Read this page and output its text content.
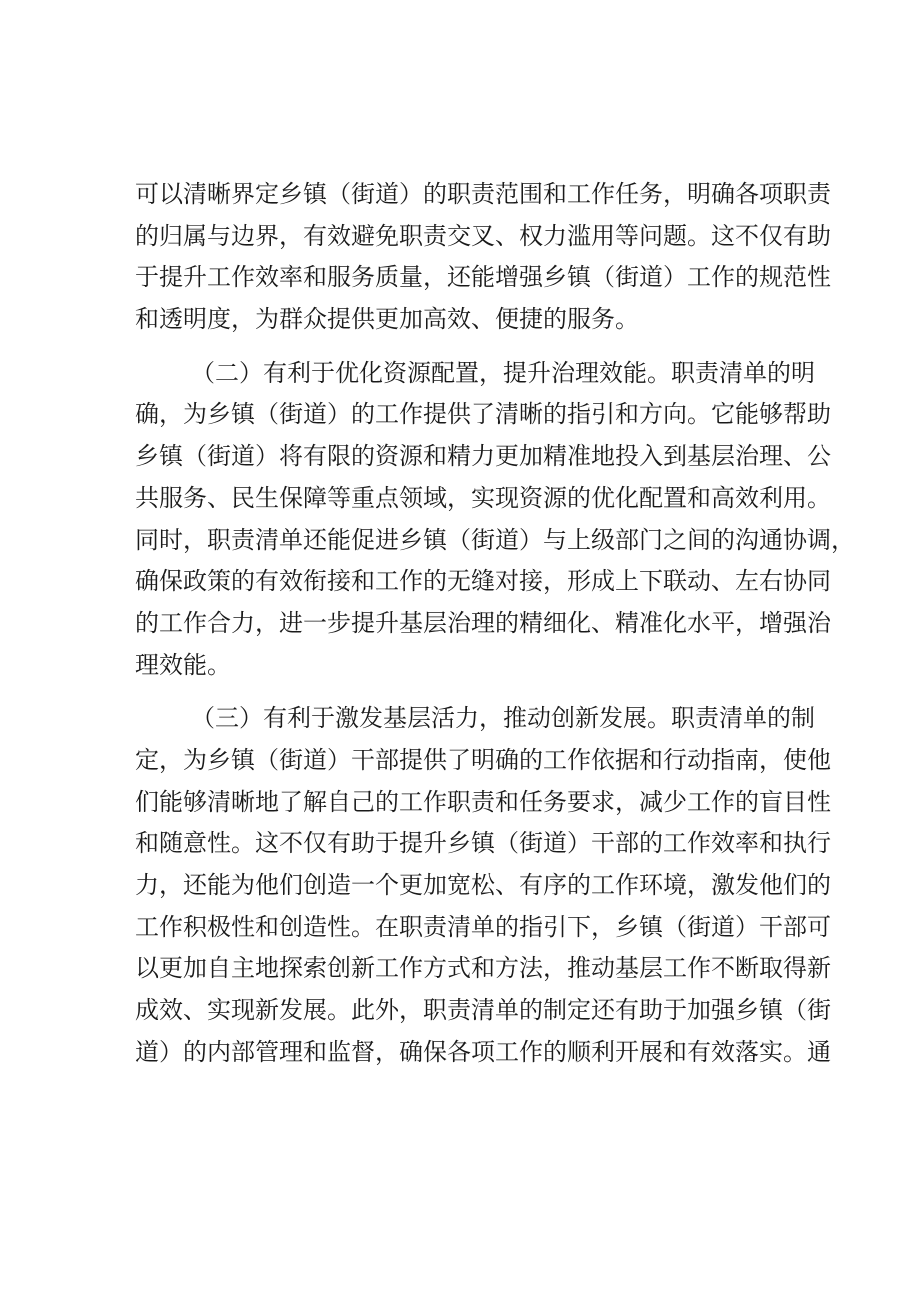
可以清晰界定乡镇（街道）的职责范围和工作任务，明确各项职责
的归属与边界，有效避免职责交叉、权力滥用等问题。这不仅有助
于提升工作效率和服务质量，还能增强乡镇（街道）工作的规范性
和透明度，为群众提供更加高效、便捷的服务。
（二）有利于优化资源配置，提升治理效能。职责清单的明
确，为乡镇（街道）的工作提供了清晰的指引和方向。它能够帮助
乡镇（街道）将有限的资源和精力更加精准地投入到基层治理、公
共服务、民生保障等重点领域，实现资源的优化配置和高效利用。
同时，职责清单还能促进乡镇（街道）与上级部门之间的沟通协调，
确保政策的有效衔接和工作的无缝对接，形成上下联动、左右协同
的工作合力，进一步提升基层治理的精细化、精准化水平，增强治
理效能。
（三）有利于激发基层活力，推动创新发展。职责清单的制
定，为乡镇（街道）干部提供了明确的工作依据和行动指南，使他
们能够清晰地了解自己的工作职责和任务要求，减少工作的盲目性
和随意性。这不仅有助于提升乡镇（街道）干部的工作效率和执行
力，还能为他们创造一个更加宽松、有序的工作环境，激发他们的
工作积极性和创造性。在职责清单的指引下，乡镇（街道）干部可
以更加自主地探索创新工作方式和方法，推动基层工作不断取得新
成效、实现新发展。此外，职责清单的制定还有助于加强乡镇（街
道）的内部管理和监督，确保各项工作的顺利开展和有效落实。通
